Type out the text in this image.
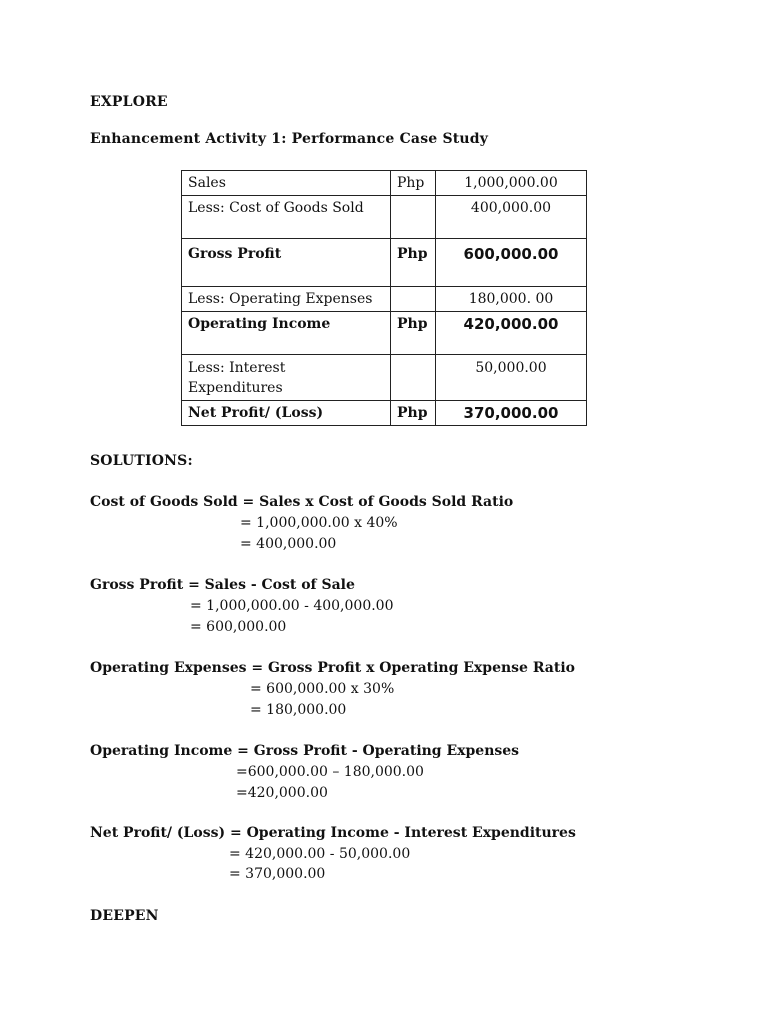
EXPLORE
Enhancement Activity 1: Performance Case Study
Sales	Php	1,000,000.00
Less: Cost of Goods Sold		400,000.00
Gross Profit	Php	600,000.00
Less: Operating Expenses		180,000. 00
Operating Income	Php	420,000.00
Less: Interest Expenditures		50,000.00
Net Profit/ (Loss)	Php	370,000.00
SOLUTIONS:
Cost of Goods Sold = Sales x Cost of Goods Sold Ratio
= 1,000,000.00 x 40%
= 400,000.00
Gross Profit = Sales - Cost of Sale
= 1,000,000.00 - 400,000.00
= 600,000.00
Operating Expenses = Gross Profit x Operating Expense Ratio
= 600,000.00 x 30%
= 180,000.00
Operating Income = Gross Profit - Operating Expenses
=600,000.00 – 180,000.00
=420,000.00
Net Profit/ (Loss) = Operating Income - Interest Expenditures
= 420,000.00 - 50,000.00
= 370,000.00
DEEPEN
